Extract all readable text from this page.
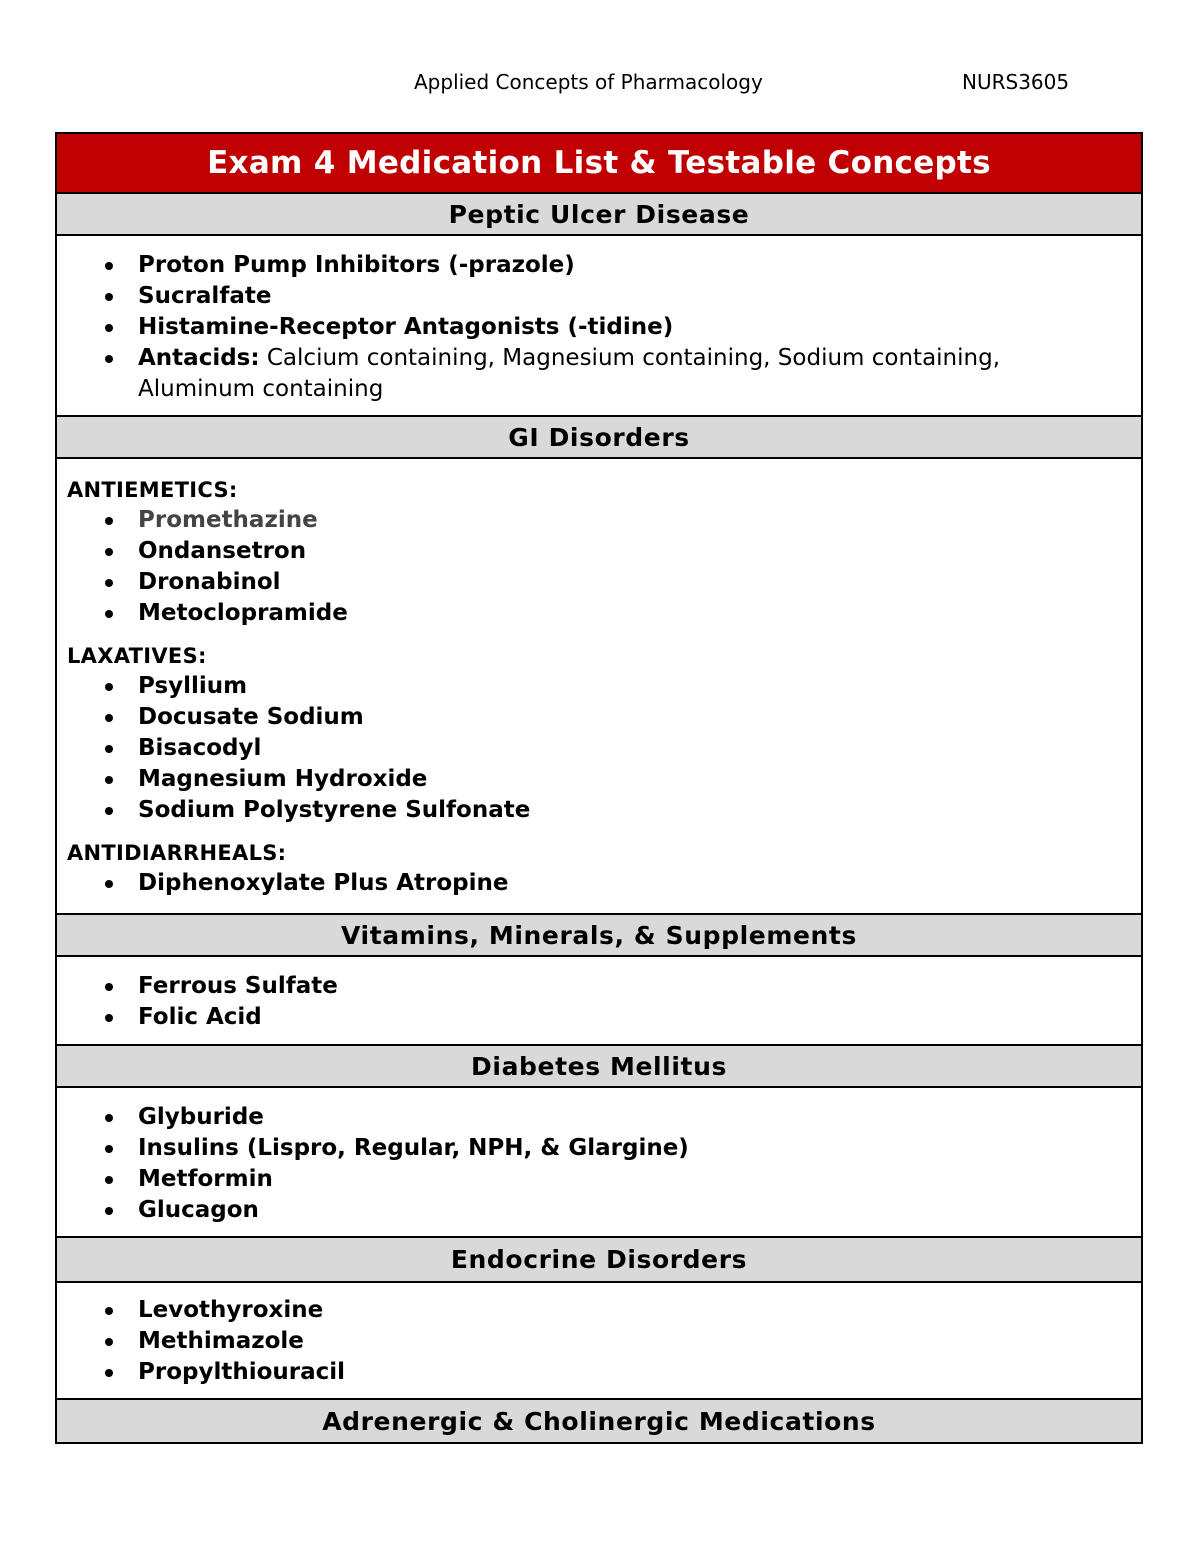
Applied Concepts of Pharmacology	NURS3605
Exam 4 Medication List & Testable Concepts
Peptic Ulcer Disease
Proton Pump Inhibitors (-prazole)
Sucralfate
Histamine-Receptor Antagonists (-tidine)
Antacids: Calcium containing, Magnesium containing, Sodium containing,
Aluminum containing
GI Disorders
ANTIEMETICS:
Promethazine
Ondansetron
Dronabinol
Metoclopramide
LAXATIVES:
Psyllium
Docusate Sodium
Bisacodyl
Magnesium Hydroxide
Sodium Polystyrene Sulfonate
ANTIDIARRHEALS:
Diphenoxylate Plus Atropine
Vitamins, Minerals, & Supplements
Ferrous Sulfate
Folic Acid
Diabetes Mellitus
Glyburide
Insulins (Lispro, Regular, NPH, & Glargine)
Metformin
Glucagon
Endocrine Disorders
Levothyroxine
Methimazole
Propylthiouracil
Adrenergic & Cholinergic Medications
